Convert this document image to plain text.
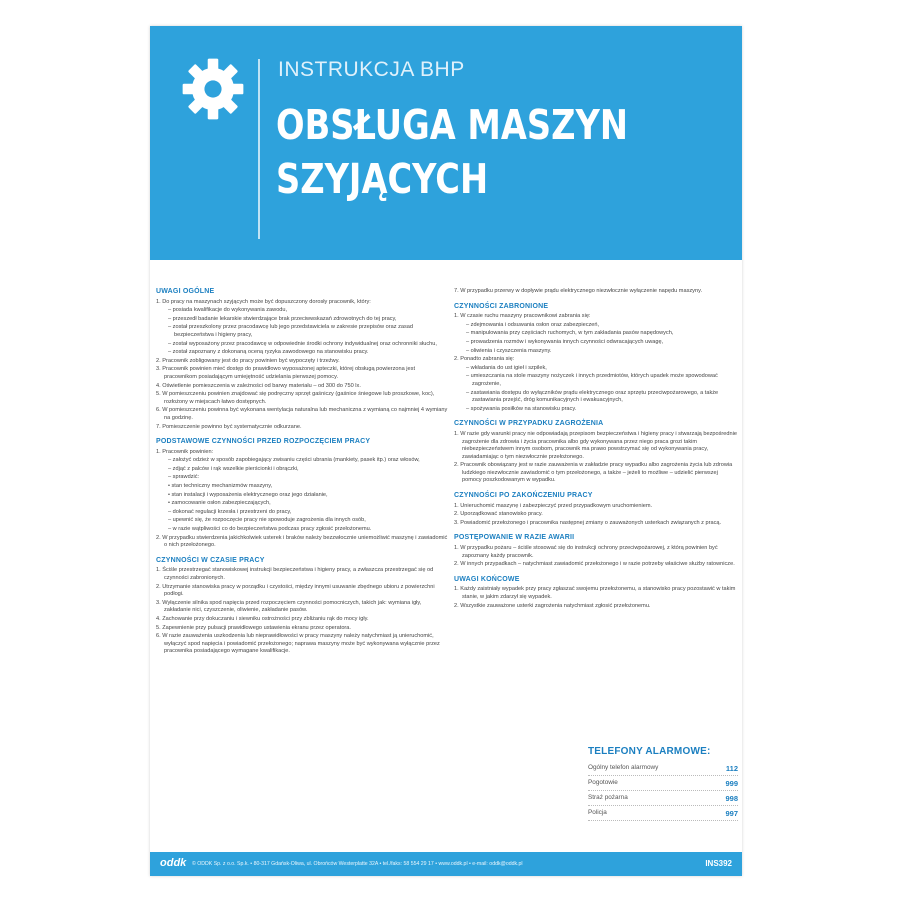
INSTRUKCJA BHP
OBSŁUGA MASZYN
SZYJĄCYCH
UWAGI OGÓLNE
1. Do pracy na maszynach szyjących może być dopuszczony dorosły pracownik, który:
– posiada kwalifikacje do wykonywania zawodu,
– przeszedł badanie lekarskie stwierdzające brak przeciwwskazań zdrowotnych do tej pracy,
– został przeszkolony przez pracodawcę lub jego przedstawiciela w zakresie przepisów oraz zasad bezpieczeństwa i higieny pracy,
– został wyposażony przez pracodawcę w odpowiednie środki ochrony indywidualnej oraz ochronniki słuchu,
– został zapoznany z dokonaną oceną ryzyka zawodowego na stanowisku pracy.
2. Pracownik zobligowany jest do pracy powinien być wypoczęty i trzeźwy.
3. Pracownik powinien mieć dostęp do prawidłowo wyposażonej apteczki, której obsługą powierzona jest pracownikom posiadającym umiejętność udzielania pierwszej pomocy.
4. Oświetlenie pomieszczenia w zależności od barwy materiału – od 300 do 750 lx.
5. W pomieszczeniu powinien znajdować się podręczny sprzęt gaśniczy (gaśnice śniegowe lub proszkowe, koc), rozłożony w miejscach łatwo dostępnych.
6. W pomieszczeniu powinna być wykonana wentylacja naturalna lub mechaniczna z wymianą co najmniej 4 wymiany na godzinę.
7. Pomieszczenie powinno być systematycznie odkurzane.
PODSTAWOWE CZYNNOŚCI PRZED ROZPOCZĘCIEM PRACY
1. Pracownik powinien:
– założyć odzież w sposób zapobiegający zwisaniu części ubrania (mankiety, pasek itp.) oraz włosów,
– zdjąć z palców i rąk wszelkie pierścionki i obrączki,
– sprawdzić:
• stan techniczny mechanizmów maszyny,
• stan instalacji i wyposażenia elektrycznego oraz jego działanie,
• zamocowanie osłon zabezpieczających,
– dokonać regulacji krzesła i przestrzeni do pracy,
– upewnić się, że rozpoczęcie pracy nie spowoduje zagrożenia dla innych osób,
– w razie wątpliwości co do bezpieczeństwa podczas pracy zgłosić przełożonemu.
2. W przypadku stwierdzenia jakichkolwiek usterek i braków należy bezzwłocznie uniemożliwić maszynę i zawiadomić o nich przełożonego.
CZYNNOŚCI W CZASIE PRACY
1. Ściśle przestrzegać stanowiskowej instrukcji bezpieczeństwa i higieny pracy, a zwłaszcza przestrzegać się od czynności zabronionych.
2. Utrzymanie stanowiska pracy w porządku i czystości, między innymi usuwanie zbędnego ubioru z powierzchni podłogi.
3. Wyłączenie silnika spod napięcia przed rozpoczęciem czynności pomocniczych, takich jak: wymiana igły, zakładanie nici, czyszczenie, oliwienie, zakładanie pasów.
4. Zachowanie przy dokuczaniu i siewniku ostrożności przy zbliżaniu rąk do mocy igły.
5. Zapewnienie przy pulsacji prawidłowego ustawienia ekranu przez operatora.
6. W razie zauważenia uszkodzenia lub nieprawidłowości w pracy maszyny należy natychmiast ją unieruchomić, wyłączyć spod napięcia i powiadomić przełożonego; naprawa maszyny może być wykonywana wyłącznie przez pracownika posiadającego wymagane kwalifikacje.
7. W przypadku przerwy w dopływie prądu elektrycznego niezwłocznie wyłączenie napędu maszyny.
CZYNNOŚCI ZABRONIONE
1. W czasie ruchu maszyny pracownikowi zabrania się:
– zdejmowania i odsuwania osłon oraz zabezpieczeń,
– manipulowania przy częściach ruchomych, w tym zakładania pasów napędowych,
– prowadzenia rozmów i wykonywania innych czynności odwracających uwagę,
– oliwienia i czyszczenia maszyny.
2. Ponadto zabrania się:
– wkładania do ust igieł i szpilek,
– umieszczania na stole maszyny nożyczek i innych przedmiotów, których upadek może spowodować zagrożenie,
– zastawiania dostępu do wyłączników prądu elektrycznego oraz sprzętu przeciwpożarowego, a także zastawiania przejść, dróg komunikacyjnych i ewakuacyjnych,
– spożywania posiłków na stanowisku pracy.
CZYNNOŚCI W PRZYPADKU ZAGROŻENIA
1. W razie gdy warunki pracy nie odpowiadają przepisom bezpieczeństwa i higieny pracy i stwarzają bezpośrednie zagrożenie dla zdrowia i życia pracownika albo gdy wykonywana przez niego praca grozi takim niebezpieczeństwem innym osobom, pracownik ma prawo powstrzymać się od wykonywania pracy, zawiadamiając o tym niezwłocznie przełożonego.
2. Pracownik obowiązany jest w razie zauważenia w zakładzie pracy wypadku albo zagrożenia życia lub zdrowia ludzkiego niezwłocznie zawiadomić o tym przełożonego, a także – jeżeli to możliwe – udzielić pierwszej pomocy poszkodowanym w wypadku.
CZYNNOŚCI PO ZAKOŃCZENIU PRACY
1. Unieruchomić maszynę i zabezpieczyć przed przypadkowym uruchomieniem.
2. Uporządkować stanowisko pracy.
3. Powiadomić przełożonego i pracownika następnej zmiany o zauważonych usterkach związanych z pracą.
POSTĘPOWANIE W RAZIE AWARII
1. W przypadku pożaru – ściśle stosować się do instrukcji ochrony przeciwpożarowej, z którą powinien być zapoznany każdy pracownik.
2. W innych przypadkach – natychmiast zawiadomić przełożonego i w razie potrzeby właściwe służby ratownicze.
UWAGI KOŃCOWE
1. Każdy zaistniały wypadek przy pracy zgłaszać swojemu przełożonemu, a stanowisko pracy pozostawić w takim stanie, w jakim zdarzył się wypadek.
2. Wszystkie zauważone usterki zagrożenia natychmiast zgłosić przełożonemu.
TELEFONY ALARMOWE:
Ogólny telefon alarmowy	112
Pogotowie	999
Straż pożarna	998
Policja	997
oddk © ODDK Sp. z o.o. Sp.k. • 80-317 Gdańsk-Oliwa, ul. Obrońców Westerplatte 32A • tel./faks: 58 554 29 17 • www.oddk.pl • e-mail: oddk@oddk.pl	INS392
